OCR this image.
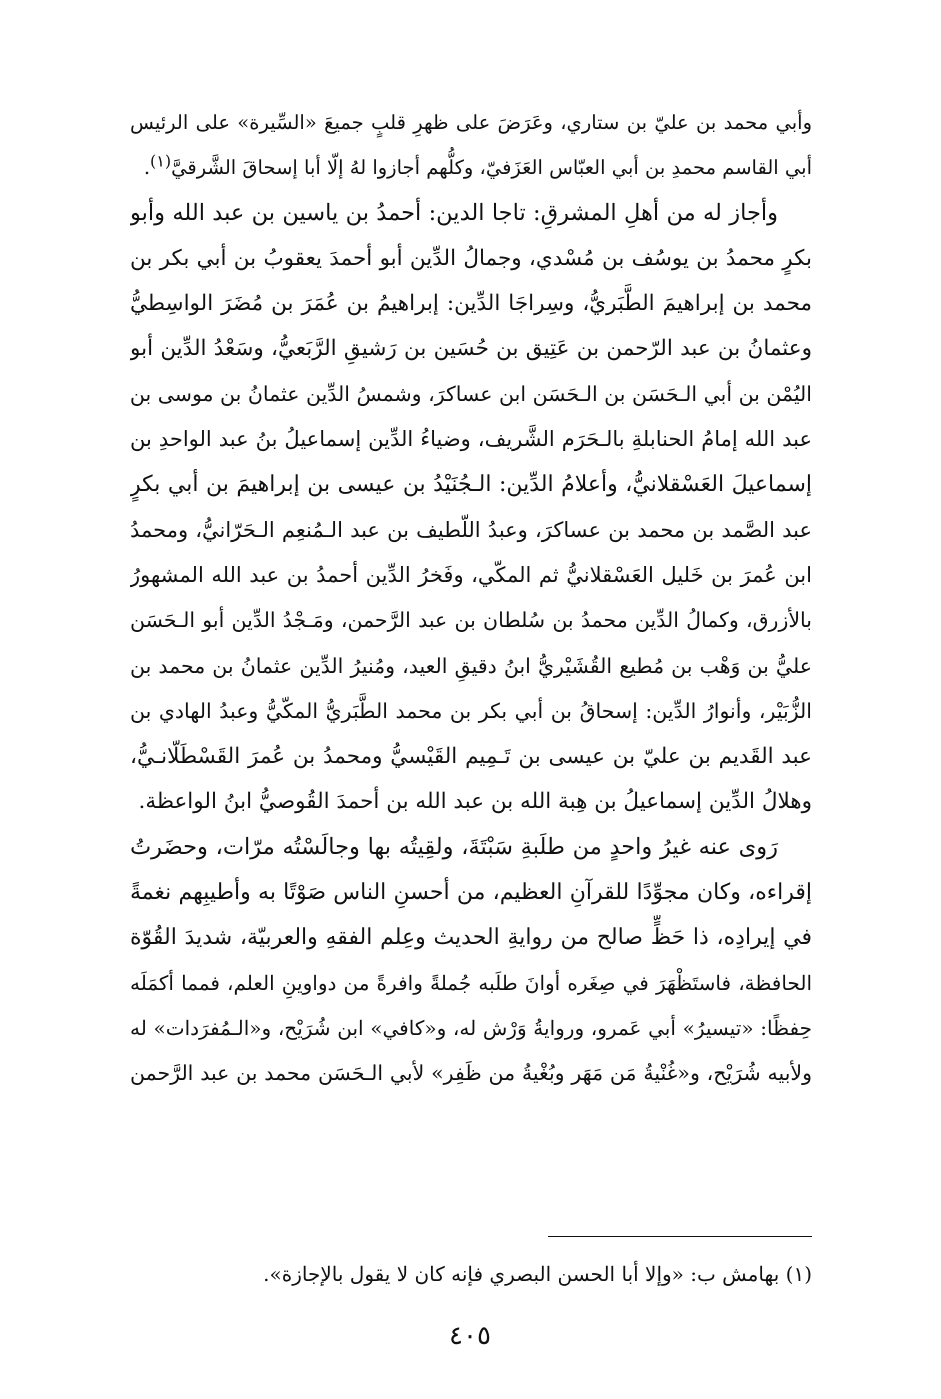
وأبي محمد بن عليّ بن ستاري، وعَرَضَ على ظهرِ قلبٍ جميعَ «السِّيرة» على الرئيس
أبي القاسم محمدِ بن أبي العبّاس العَزَفيّ، وكلُّهم أجازوا لهُ إلّا أبا إسحاقَ الشَّرقيَّ$^{(١)}$.
وأجاز له من أهلِ المشرقِ: تاجا الدين: أحمدُ بن ياسين بن عبد الله وأبو
بكرٍ محمدُ بن يوسُف بن مُسْدي، وجمالُ الدِّين أبو أحمدَ يعقوبُ بن أبي بكر بن
محمد بن إبراهيمَ الطَّبَريُّ، وسِراجَا الدِّين: إبراهيمُ بن عُمَرَ بن مُضَرَ الواسِطيُّ
وعثمانُ بن عبد الرّحمن بن عَتِيق بن حُسَين بن رَشيقِ الرَّبَعيُّ، وسَعْدُ الدِّين أبو
اليُمْن بن أبي الـحَسَن بن الـحَسَن ابن عساكرَ، وشمسُ الدِّين عثمانُ بن موسى بن
عبد الله إمامُ الحنابلةِ بالـحَرَم الشَّريف، وضياءُ الدِّين إسماعيلُ بنُ عبد الواحدِ بن
إسماعيلَ العَسْقلانيُّ، وأعلامُ الدِّين: الـجُنَيْدُ بن عيسى بن إبراهيمَ بن أبي بكرٍ
عبد الصَّمد بن محمد بن عساكرَ، وعبدُ اللّطيف بن عبد الـمُنعِم الـحَرّانيُّ، ومحمدُ
ابن عُمرَ بن خَليل العَسْقلانيُّ ثم المكّي، وفَخرُ الدِّين أحمدُ بن عبد الله المشهورُ
بالأزرق، وكمالُ الدِّين محمدُ بن سُلطان بن عبد الرَّحمن، ومَـجْدُ الدِّين أبو الـحَسَن
عليُّ بن وَهْب بن مُطيع القُشَيْريُّ ابنُ دقيقِ العيد، ومُنيرُ الدِّين عثمانُ بن محمد بن
الزُّبَيْر، وأنوارُ الدِّين: إسحاقُ بن أبي بكر بن محمد الطَّبَريُّ المكّيُّ وعبدُ الهادي بن
عبد القَديم بن عليّ بن عيسى بن تَـمِيم القَيْسيُّ ومحمدُ بن عُمرَ القَسْطَلّانـيُّ،
وهلالُ الدِّين إسماعيلُ بن هِبة الله بن عبد الله بن أحمدَ القُوصيُّ ابنُ الواعظة.
رَوى عنه غيرُ واحدٍ من طلَبةِ سَبْتَةَ، ولقِيتُه بها وجالَسْتُه مرّات، وحضَرتُ
إقراءه، وكان مجوِّدًا للقرآنِ العظيم، من أحسنِ الناس صَوْتًا به وأطيبِهم نغمةً
في إيرادِه، ذا حَظٍّ صالح من روايةِ الحديث وعِلم الفقهِ والعربيّة، شديدَ القُوّة
الحافظة، فاستَظْهَرَ في صِغَره أوانَ طلَبه جُملةً وافرةً من دواوينِ العلم، فمما أكمَلَه
حِفظًا: «تيسيرُ» أبي عَمرو، وروايةُ وَرْش له، و«كافي» ابن شُرَيْح، و«الـمُفرَدات» له
ولأبيه شُرَيْح، و«غُنْيةُ مَن مَهَر وبُغْيةُ من ظَفِر» لأبي الـحَسَن محمد بن عبد الرَّحمن
(١) بهامش ب: «وإلا أبا الحسن البصري فإنه كان لا يقول بالإجازة».
٤٠٥
